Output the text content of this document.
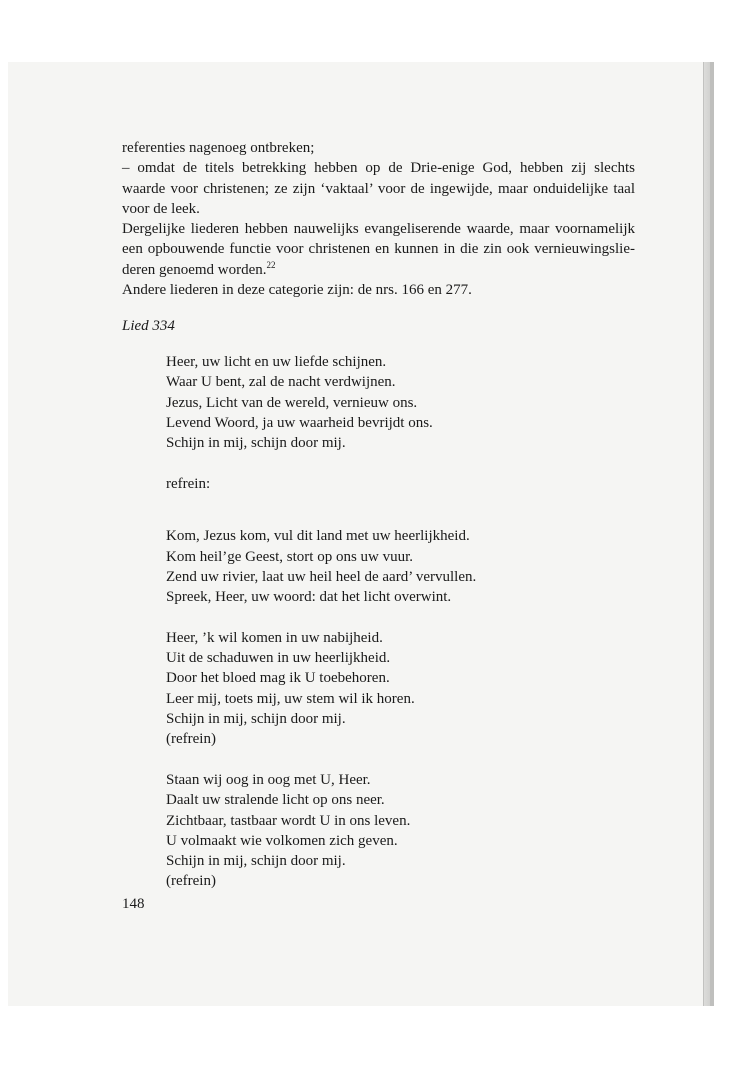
referenties nagenoeg ontbreken;
– omdat de titels betrekking hebben op de Drie-enige God, hebben zij slechts
waarde voor christenen; ze zijn ‘vaktaal’ voor de ingewijde, maar onduidelijke taal
voor de leek.
Dergelijke liederen hebben nauwelijks evangeliserende waarde, maar voornamelijk
een opbouwende functie voor christenen en kunnen in die zin ook vernieuwingslie-
deren genoemd worden.$^{22}$
Andere liederen in deze categorie zijn: de nrs. 166 en 277.
Lied 334
Heer, uw licht en uw liefde schijnen.
Waar U bent, zal de nacht verdwijnen.
Jezus, Licht van de wereld, vernieuw ons.
Levend Woord, ja uw waarheid bevrijdt ons.
Schijn in mij, schijn door mij.
refrein:
Kom, Jezus kom, vul dit land met uw heerlijkheid.
Kom heil’ge Geest, stort op ons uw vuur.
Zend uw rivier, laat uw heil heel de aard’ vervullen.
Spreek, Heer, uw woord: dat het licht overwint.
Heer, ’k wil komen in uw nabijheid.
Uit de schaduwen in uw heerlijkheid.
Door het bloed mag ik U toebehoren.
Leer mij, toets mij, uw stem wil ik horen.
Schijn in mij, schijn door mij.
(refrein)
Staan wij oog in oog met U, Heer.
Daalt uw stralende licht op ons neer.
Zichtbaar, tastbaar wordt U in ons leven.
U volmaakt wie volkomen zich geven.
Schijn in mij, schijn door mij.
(refrein)
148
